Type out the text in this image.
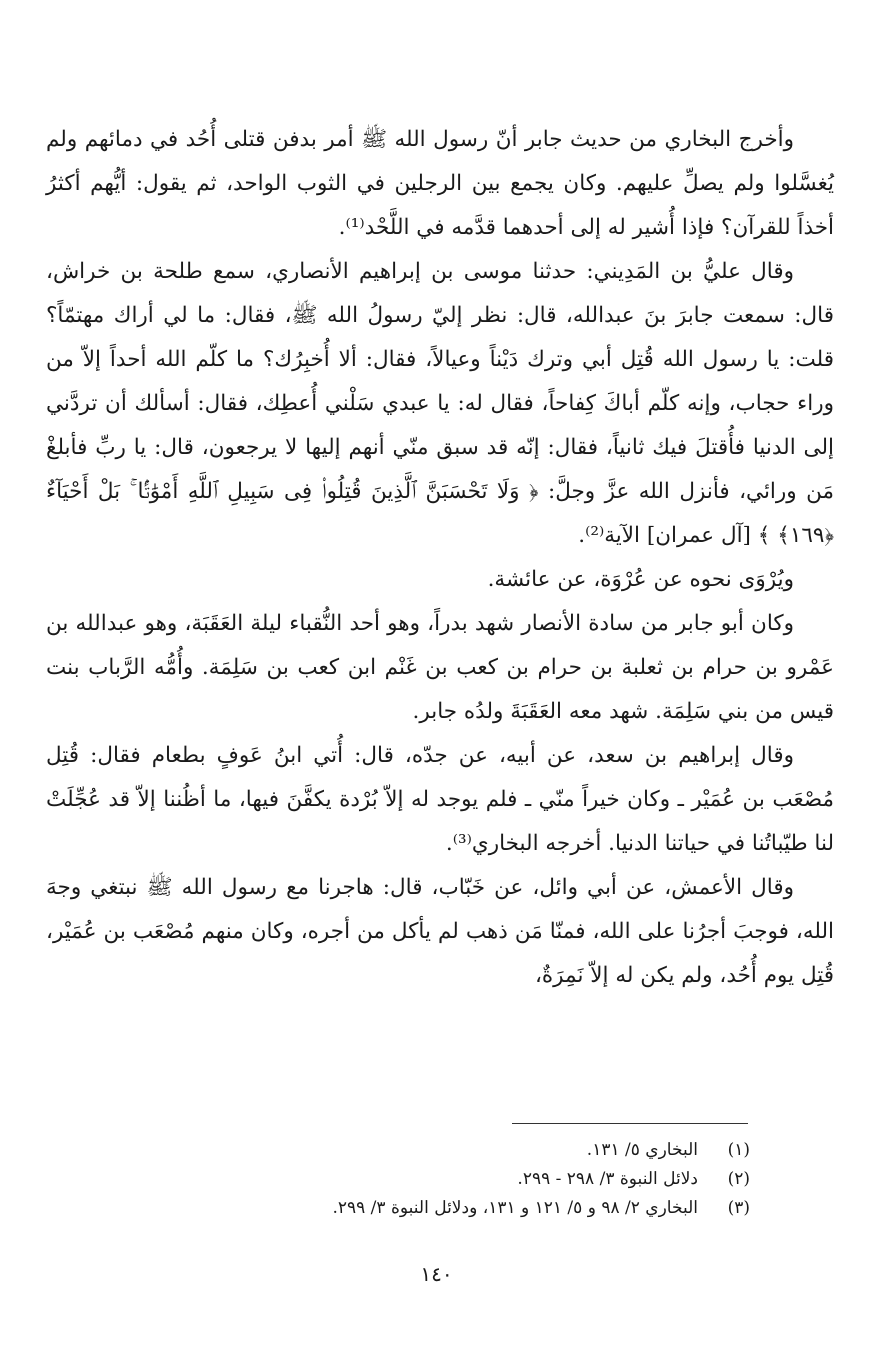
وأخرج البخاري من حديث جابر أنّ رسول الله ﷺ أمر بدفن قتلى أُحُد في دمائهم ولم يُغسَّلوا ولم يصلِّ عليهم. وكان يجمع بين الرجلين في الثوب الواحد، ثم يقول: أيُّهم أكثرُ أخذاً للقرآن؟ فإذا أُشير له إلى أحدهما قدَّمه في اللَّحْد⁽¹⁾.

وقال عليُّ بن المَدِيني: حدثنا موسى بن إبراهيم الأنصاري، سمع طلحة بن خراش، قال: سمعت جابرَ بنَ عبدالله، قال: نظر إليّ رسولُ الله ﷺ، فقال: ما لي أراك مهتمّاً؟ قلت: يا رسول الله قُتِل أبي وترك دَيْناً وعيالاً، فقال: ألا أُخبِرُك؟ ما كلّم الله أحداً إلاّ من وراء حجاب، وإنه كلّم أباكَ كِفاحاً، فقال له: يا عبدي سَلْني أُعطِك، فقال: أسألك أن تردَّني إلى الدنيا فأُقتلَ فيك ثانياً، فقال: إنّه قد سبق منّي أنهم إليها لا يرجعون، قال: يا ربِّ فأبلغْ مَن ورائي، فأنزل الله عزَّ وجلَّ: ﴿ وَلَا تَحْسَبَنَّ ٱلَّذِينَ قُتِلُوا۟ فِى سَبِيلِ ٱللَّهِ أَمْوَٰتًۢا ۚ بَلْ أَحْيَآءٌ ﴿١٦٩﴾ ﴾ [آل عمران] الآية⁽²⁾.

ويُرْوَى نحوه عن عُرْوَة، عن عائشة.

وكان أبو جابر من سادة الأنصار شهد بدراً، وهو أحد النُّقباء ليلة العَقَبَة، وهو عبدالله بن عَمْرو بن حرام بن ثعلبة بن حرام بن كعب بن غَنْم ابن كعب بن سَلِمَة. وأُمُّه الرَّباب بنت قيس من بني سَلِمَة. شهد معه العَقَبَةَ ولدُه جابر.

وقال إبراهيم بن سعد، عن أبيه، عن جدّه، قال: أُتي ابنُ عَوفٍ بطعام فقال: قُتِل مُصْعَب بن عُمَيْر ـ وكان خيراً منّي ـ فلم يوجد له إلاّ بُرْدة يكفَّنَ فيها، ما أظُننا إلاّ قد عُجِّلَتْ لنا طيّباتُنا في حياتنا الدنيا. أخرجه البخاري⁽³⁾.

وقال الأعمش، عن أبي وائل، عن خَبّاب، قال: هاجرنا مع رسول الله ﷺ نبتغي وجهَ الله، فوجبَ أجرُنا على الله، فمنّا مَن ذهب لم يأكل من أجره، وكان منهم مُصْعَب بن عُمَيْر، قُتِل يوم أُحُد، ولم يكن له إلاّ نَمِرَةٌ،

(١)
البخاري ٥/ ١٣١.
(٢)
دلائل النبوة ٣/ ٢٩٨ - ٢٩٩.
(٣)
البخاري ٢/ ٩٨ و ٥/ ١٢١ و ١٣١، ودلائل النبوة ٣/ ٢٩٩.
١٤٠
